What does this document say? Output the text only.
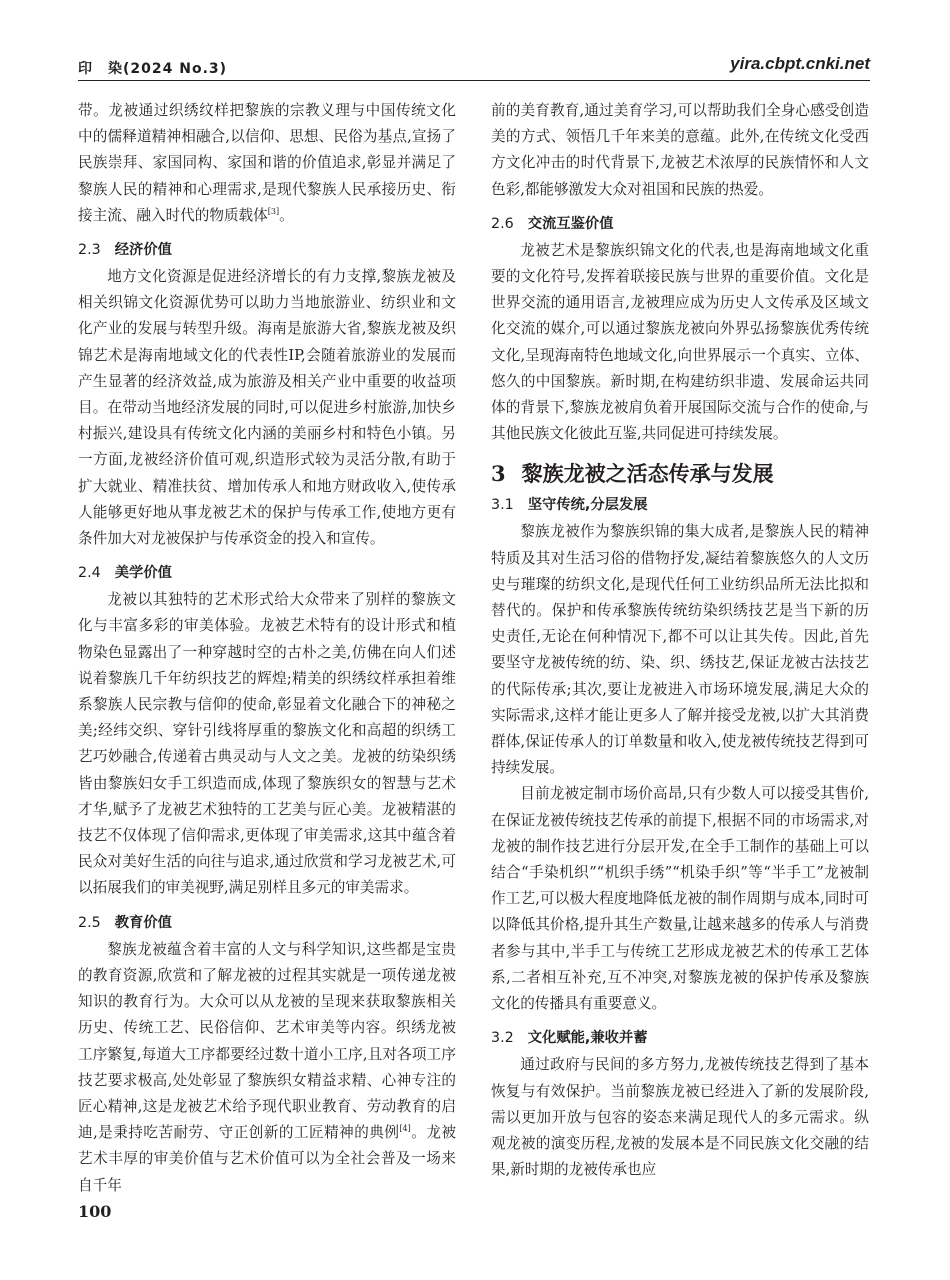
印　染(2024 No.3)	yira.cbpt.cnki.net

带。龙被通过织绣纹样把黎族的宗教义理与中国传统文化中的儒释道精神相融合,以信仰、思想、民俗为基点,宣扬了民族崇拜、家国同构、家国和谐的价值追求,彰显并满足了黎族人民的精神和心理需求,是现代黎族人民承接历史、衔接主流、融入时代的物质载体[3]。

2.3 经济价值

地方文化资源是促进经济增长的有力支撑,黎族龙被及相关织锦文化资源优势可以助力当地旅游业、纺织业和文化产业的发展与转型升级。海南是旅游大省,黎族龙被及织锦艺术是海南地域文化的代表性IP,会随着旅游业的发展而产生显著的经济效益,成为旅游及相关产业中重要的收益项目。在带动当地经济发展的同时,可以促进乡村旅游,加快乡村振兴,建设具有传统文化内涵的美丽乡村和特色小镇。另一方面,龙被经济价值可观,织造形式较为灵活分散,有助于扩大就业、精准扶贫、增加传承人和地方财政收入,使传承人能够更好地从事龙被艺术的保护与传承工作,使地方更有条件加大对龙被保护与传承资金的投入和宣传。

2.4 美学价值

龙被以其独特的艺术形式给大众带来了别样的黎族文化与丰富多彩的审美体验。龙被艺术特有的设计形式和植物染色显露出了一种穿越时空的古朴之美,仿佛在向人们述说着黎族几千年纺织技艺的辉煌;精美的织绣纹样承担着维系黎族人民宗教与信仰的使命,彰显着文化融合下的神秘之美;经纬交织、穿针引线将厚重的黎族文化和高超的织绣工艺巧妙融合,传递着古典灵动与人文之美。龙被的纺染织绣皆由黎族妇女手工织造而成,体现了黎族织女的智慧与艺术才华,赋予了龙被艺术独特的工艺美与匠心美。龙被精湛的技艺不仅体现了信仰需求,更体现了审美需求,这其中蕴含着民众对美好生活的向往与追求,通过欣赏和学习龙被艺术,可以拓展我们的审美视野,满足别样且多元的审美需求。

2.5 教育价值

黎族龙被蕴含着丰富的人文与科学知识,这些都是宝贵的教育资源,欣赏和了解龙被的过程其实就是一项传递龙被知识的教育行为。大众可以从龙被的呈现来获取黎族相关历史、传统工艺、民俗信仰、艺术审美等内容。织绣龙被工序繁复,每道大工序都要经过数十道小工序,且对各项工序技艺要求极高,处处彰显了黎族织女精益求精、心神专注的匠心精神,这是龙被艺术给予现代职业教育、劳动教育的启迪,是秉持吃苦耐劳、守正创新的工匠精神的典例[4]。龙被艺术丰厚的审美价值与艺术价值可以为全社会普及一场来自千年

前的美育教育,通过美育学习,可以帮助我们全身心感受创造美的方式、领悟几千年来美的意蕴。此外,在传统文化受西方文化冲击的时代背景下,龙被艺术浓厚的民族情怀和人文色彩,都能够激发大众对祖国和民族的热爱。

2.6 交流互鉴价值

龙被艺术是黎族织锦文化的代表,也是海南地域文化重要的文化符号,发挥着联接民族与世界的重要价值。文化是世界交流的通用语言,龙被理应成为历史人文传承及区域文化交流的媒介,可以通过黎族龙被向外界弘扬黎族优秀传统文化,呈现海南特色地域文化,向世界展示一个真实、立体、悠久的中国黎族。新时期,在构建纺织非遗、发展命运共同体的背景下,黎族龙被肩负着开展国际交流与合作的使命,与其他民族文化彼此互鉴,共同促进可持续发展。

3 黎族龙被之活态传承与发展
3.1 坚守传统,分层发展

黎族龙被作为黎族织锦的集大成者,是黎族人民的精神特质及其对生活习俗的借物抒发,凝结着黎族悠久的人文历史与璀璨的纺织文化,是现代任何工业纺织品所无法比拟和替代的。保护和传承黎族传统纺染织绣技艺是当下新的历史责任,无论在何种情况下,都不可以让其失传。因此,首先要坚守龙被传统的纺、染、织、绣技艺,保证龙被古法技艺的代际传承;其次,要让龙被进入市场环境发展,满足大众的实际需求,这样才能让更多人了解并接受龙被,以扩大其消费群体,保证传承人的订单数量和收入,使龙被传统技艺得到可持续发展。

目前龙被定制市场价高昂,只有少数人可以接受其售价,在保证龙被传统技艺传承的前提下,根据不同的市场需求,对龙被的制作技艺进行分层开发,在全手工制作的基础上可以结合“手染机织”“机织手绣”“机染手织”等“半手工”龙被制作工艺,可以极大程度地降低龙被的制作周期与成本,同时可以降低其价格,提升其生产数量,让越来越多的传承人与消费者参与其中,半手工与传统工艺形成龙被艺术的传承工艺体系,二者相互补充,互不冲突,对黎族龙被的保护传承及黎族文化的传播具有重要意义。

3.2 文化赋能,兼收并蓄

通过政府与民间的多方努力,龙被传统技艺得到了基本恢复与有效保护。当前黎族龙被已经进入了新的发展阶段,需以更加开放与包容的姿态来满足现代人的多元需求。纵观龙被的演变历程,龙被的发展本是不同民族文化交融的结果,新时期的龙被传承也应

100
